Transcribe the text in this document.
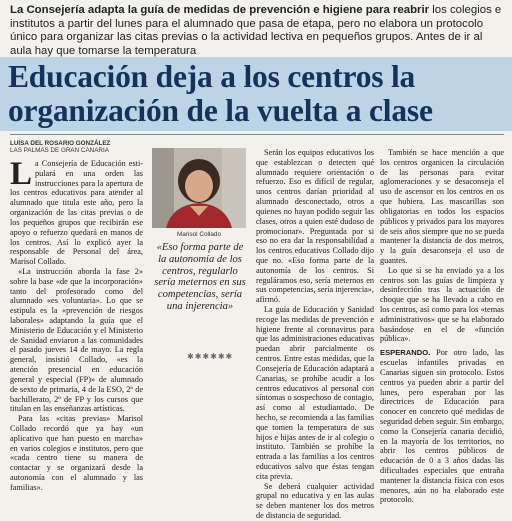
La Consejería adapta la guía de medidas de prevención e higiene para reabrir los colegios e institutos a partir del lunes para el alumnado que pasa de etapa, pero no elabora un protocolo único para organizar las citas previas o la actividad lectiva en pequeños grupos. Antes de ir al aula hay que tomarse la temperatura
Educación deja a los centros la organización de la vuelta a clase
LUISA DEL ROSARIO GONZÁLEZ
LAS PALMAS DE GRAN CANARIA

La Consejería de Educación esti-pulará en una orden las instrucciones para la apertura de los centros educativos para atender al alumnado que titula este año, pero la organización de las citas previas o de los pequeños grupos que recibirán ese apoyo o refuerzo quedará en manos de los centros. Así lo explicó ayer la responsable de Personal del área, Marisol Collado.

«La instrucción aborda la fase 2» sobre la base «de que la incorporación» tanto del profesorado como del alumnado «es voluntaria». Lo que se estipula es la «prevención de riesgos laborales» adaptando la guía que el Ministerio de Educación y el Ministerio de Sanidad enviaron a las comunidades el pasado jueves 14 de mayo. La regla general, insistió Collado, «es la atención presencial en educación general y especial (FP)» de alumnado de sexto de primaria, 4 de la ESO, 2º de bachillerato, 2º de FP y los cursos que titulan en las enseñanzas artísticas.

Para las «citas previas» Marisol Collado recordó que ya hay «un aplicativo que han puesto en marcha» en varios colegios e institutos, pero que «cada centro tiene su manera de contactar y se organizará desde la autonomía con el alumnado y las familias».

Marisol Collado
«Eso forma parte de la autonomía de los centros, regularlo sería meternos en sus competencias, sería una injerencia»
✱✱✱✱✱✱

Serán los equipos educativos los que establezcan o detecten qué alumnado requiere orientación o refuerzo. Eso es difícil de regular, unos centros darían prioridad al alumnado desconectado, otros a quienes no hayan podido seguir las clases, otros a quien esté dudoso de promocionar». Preguntada por si eso no era dar la responsabilidad a los centros educativos Collado dijo que no. «Eso forma parte de la autonomía de los centros. Si reguláramos eso, sería meternos en sus competencias, sería injerencia», afirmó.

La guía de Educación y Sanidad recoge las medidas de prevención e higiene frente al coronavirus para que las administraciones educativas puedan abrir parcialmente os centros. Entre estas medidas, que la Consejería de Educación adaptará a Canarias, se prohíbe acudir a los centros educativos al personal con síntomas o sospechoso de contagio, así como al estudiantado. De hecho, se recomienda a las familias que tomen la temperatura de sus hijos e hijas antes de ir al colegio o instituto. También se prohíbe la entrada a las familias a los centros educativos salvo que éstas tengan cita previa.

Se deberá cualquier actividad grupal no educativa y en las aulas se deben mantener los dos metros de distancia de seguridad.

También se hace mención a que los centros organicen la circulación de las personas para evitar aglomeraciones y se desaconseja el uso de ascensor en los centros en os que hubiera. Las mascarillas son obligatorias en todos los espacios públicos y privados para los mayores de seis años siempre que no se pueda mantener la distancia de dos metros, y la guía desaconseja el uso de guantes.

Lo que sí se ha enviado ya a los centros son las guías de limpieza y desinfección tras la actuación de choque que se ha llevado a cabo en los centros, así como para los «temas administrativos» que se ha elaborado basándose en el de «función pública».

ESPERANDO. Por otro lado, las escuelas infantiles privadas en Canarias siguen sin protocolo. Estos centros ya pueden abrir a partir del lunes, pero esperaban por las directrices de Educación para conocer en concreto qué medidas de seguridad deben seguir. Sin embargo, como la Consejería canaria decidió, en la mayoría de los territorios, no abrir los centros públicos de educación de 0 a 3 años dadas las dificultades especiales que entraña mantener la distancia física con esos menores, aún no ha elaborado este protocolo.
